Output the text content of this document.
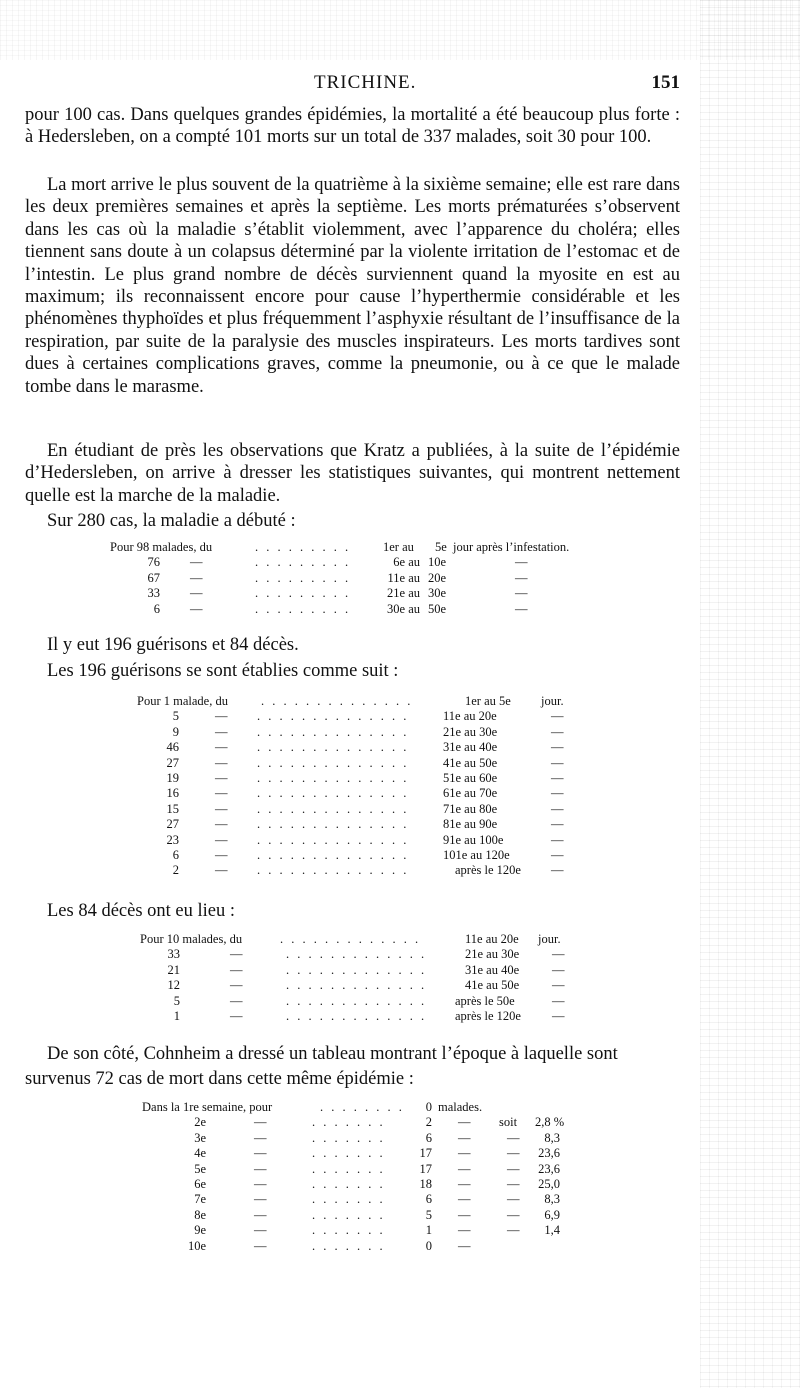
TRICHINE.	151

pour 100 cas. Dans quelques grandes épidémies, la mortalité a été beaucoup plus forte : à Hedersleben, on a compté 101 morts sur un total de 337 malades, soit 30 pour 100.

La mort arrive le plus souvent de la quatrième à la sixième semaine; elle est rare dans les deux premières semaines et après la septième. Les morts prématurées s’observent dans les cas où la maladie s’établit violemment, avec l’apparence du choléra; elles tiennent sans doute à un colapsus déterminé par la violente irritation de l’estomac et de l’intestin. Le plus grand nombre de décès surviennent quand la myosite en est au maximum; ils reconnaissent encore pour cause l’hyperthermie considérable et les phénomènes thyphoïdes et plus fréquemment l’asphyxie résultant de l’insuffisance de la respiration, par suite de la paralysie des muscles inspirateurs. Les morts tardives sont dues à certaines complications graves, comme la pneumonie, ou à ce que le malade tombe dans le marasme.

En étudiant de près les observations que Kratz a publiées, à la suite de l’épidémie d’Hedersleben, on arrive à dresser les statistiques suivantes, qui montrent nettement quelle est la marche de la maladie.

Sur 280 cas, la maladie a débuté :

Pour 98 malades, du	. . . . . . . . .	1er au 5e jour après l’infestation.
76 —	. . . . . . . . .	6e au 10e	—
67 —	. . . . . . . . .	11e au 20e	—
33 —	. . . . . . . . .	21e au 30e	—
6 —	. . . . . . . . .	30e au 50e	—
Il y eut 196 guérisons et 84 décès.
Les 196 guérisons se sont établies comme suit :
Pour 1 malade, du	. . . . . . . . . . . . . .	1er au 5e jour.
5	— . . . . . . . . . . . . . .	11e au 20e	—
9	— . . . . . . . . . . . . . .	21e au 30e	—
46	— . . . . . . . . . . . . . .	31e au 40e	—
27	— . . . . . . . . . . . . . .	41e au 50e	—
19	— . . . . . . . . . . . . . .	51e au 60e	—
16	— . . . . . . . . . . . . . .	61e au 70e	—
15	— . . . . . . . . . . . . . .	71e au 80e	—
27	— . . . . . . . . . . . . . .	81e au 90e	—
23	— . . . . . . . . . . . . . .	91e au 100e	—
6	— . . . . . . . . . . . . . .	101e au 120e	—
2	— . . . . . . . . . . . . . .	après le 120e —
Les 84 décès ont eu lieu :
Pour 10 malades, du	. . . . . . . . . . . . .	11e au 20e jour.
33	—	. . . . . . . . . . . . .	21e au 30e	—
21	—	. . . . . . . . . . . . .	31e au 40e	—
12	—	. . . . . . . . . . . . .	41e au 50e	—
5	—	. . . . . . . . . . . . . après le 50e	—
1	—	. . . . . . . . . . . . . après le 120e —
De son côté, Cohnheim a dressé un tableau montrant l’époque à laquelle sont
survenus 72 cas de mort dans cette même épidémie :
Dans la 1re semaine, pour	. . . . . . . .	0 malades.
2e	—	. . . . . . .	2 — soit 2,8 %
3e	—	. . . . . . .	6 —	—	8,3
4e	—	. . . . . . .	17 —	—	23,6
5e	—	. . . . . . .	17 —	—	23,6
6e	—	. . . . . . .	18 —	—	25,0
7e	—	. . . . . . .	6 —	—	8,3
8e	—	. . . . . . .	5 —	—	6,9
9e	—	. . . . . . .	1 —	—	1,4
10e	—	. . . . . . .	0 —
